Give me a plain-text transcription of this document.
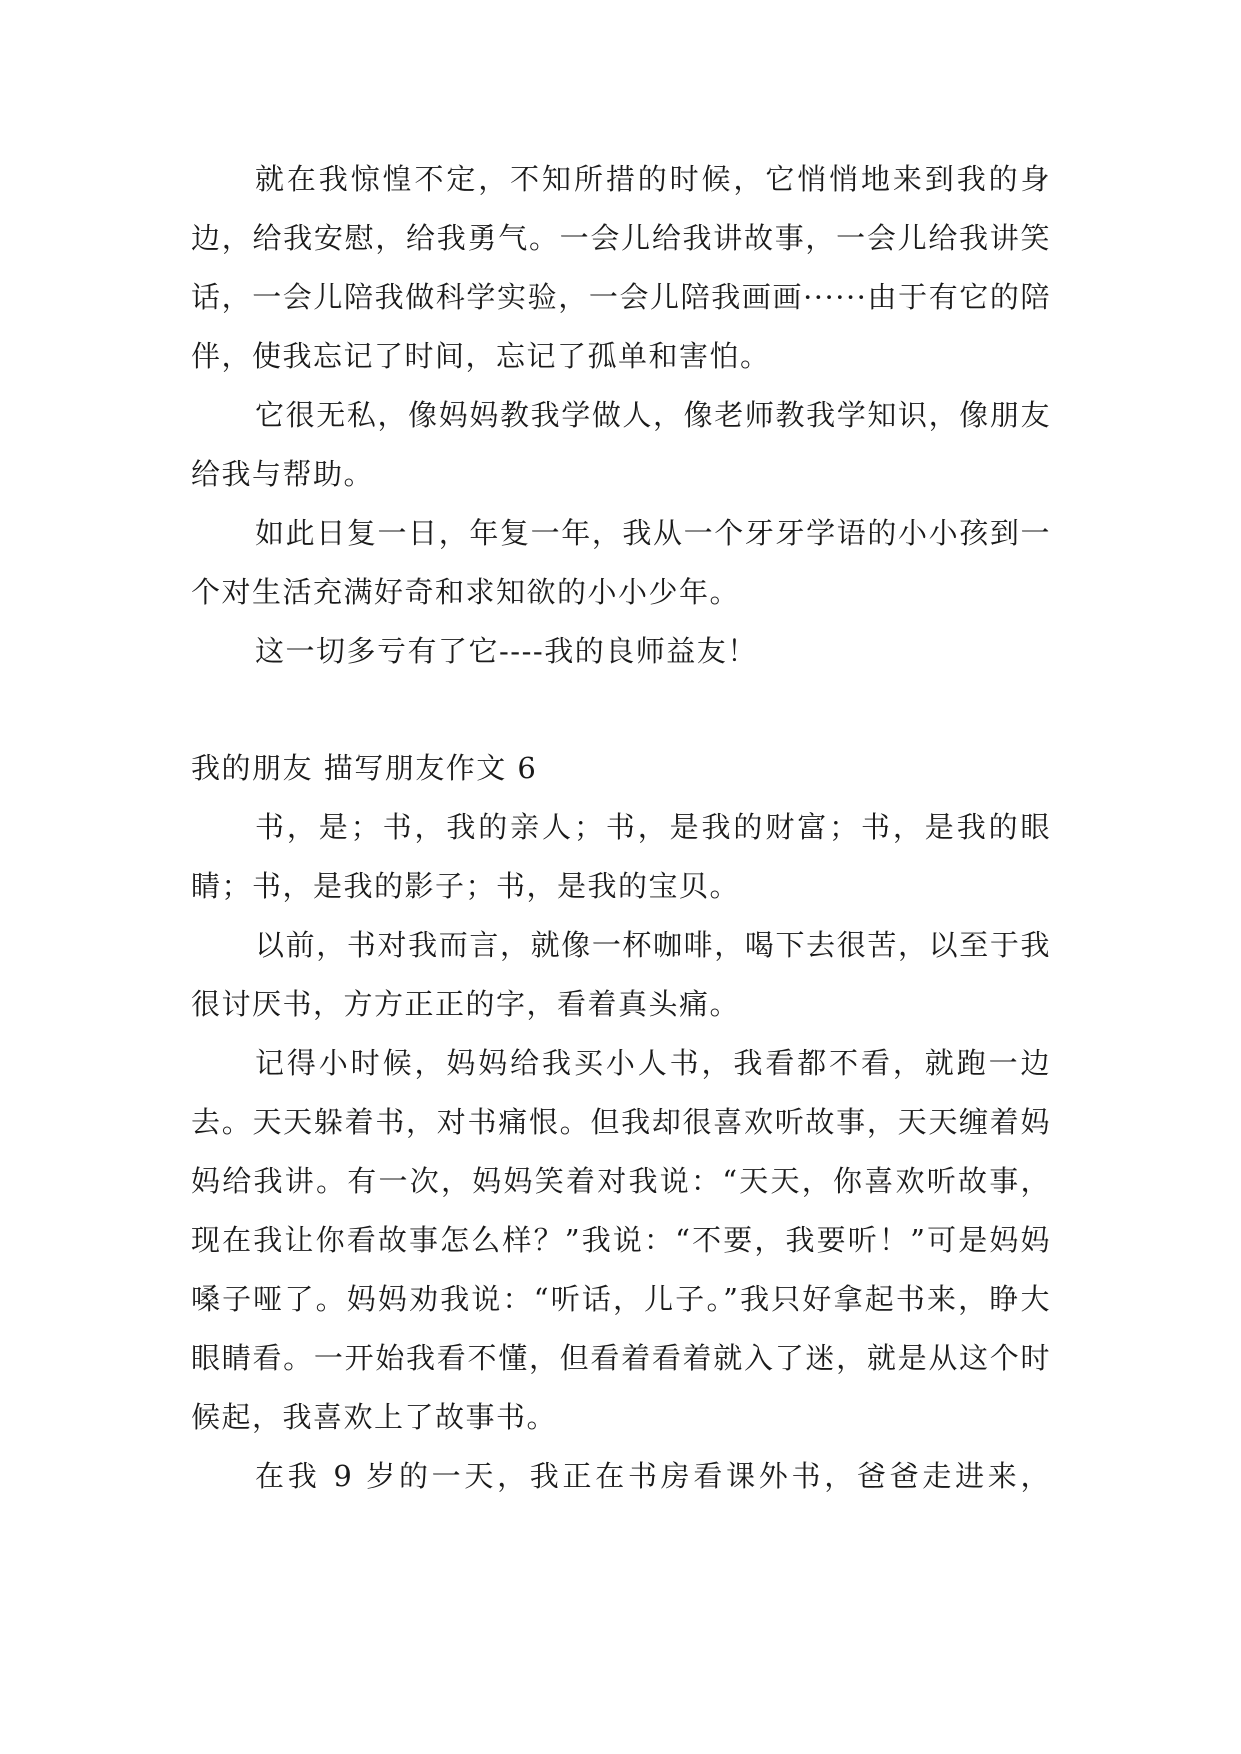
就在我惊惶不定，不知所措的时候，它悄悄地来到我的身边，给我安慰，给我勇气。一会儿给我讲故事，一会儿给我讲笑话，一会儿陪我做科学实验，一会儿陪我画画······由于有它的陪伴，使我忘记了时间，忘记了孤单和害怕。

它很无私，像妈妈教我学做人，像老师教我学知识，像朋友给我与帮助。

如此日复一日，年复一年，我从一个牙牙学语的小小孩到一个对生活充满好奇和求知欲的小小少年。

这一切多亏有了它----我的良师益友！

我的朋友 描写朋友作文 6

书，是；书，我的亲人；书，是我的财富；书，是我的眼睛；书，是我的影子；书，是我的宝贝。

以前，书对我而言，就像一杯咖啡，喝下去很苦，以至于我很讨厌书，方方正正的字，看着真头痛。

记得小时候，妈妈给我买小人书，我看都不看，就跑一边去。天天躲着书，对书痛恨。但我却很喜欢听故事，天天缠着妈妈给我讲。有一次，妈妈笑着对我说：“天天，你喜欢听故事，现在我让你看故事怎么样？”我说：“不要，我要听！”可是妈妈嗓子哑了。妈妈劝我说：“听话，儿子。”我只好拿起书来，睁大眼睛看。一开始我看不懂，但看着看着就入了迷，就是从这个时候起，我喜欢上了故事书。

在我 9 岁的一天，我正在书房看课外书，爸爸走进来，
